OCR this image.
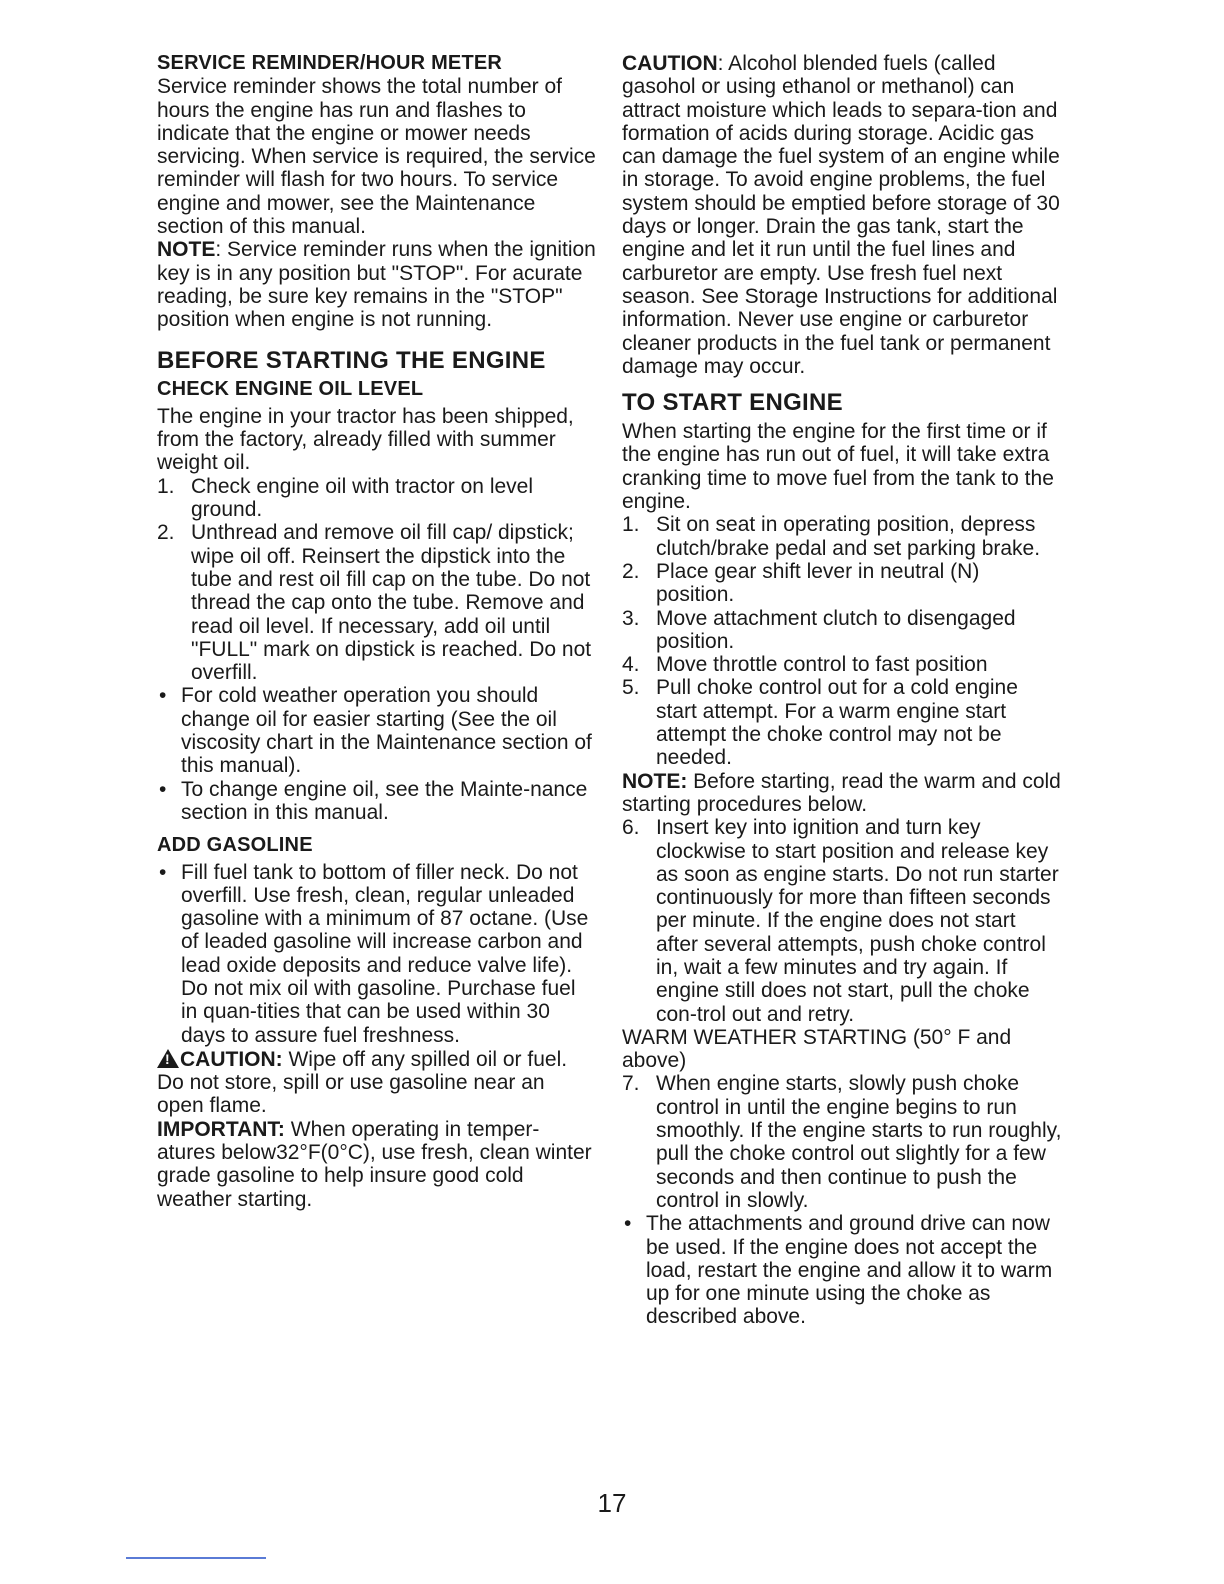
SERVICE REMINDER/HOUR METER

Service reminder shows the total number of hours the engine has run and flashes to indicate that the engine or mower needs servicing. When service is required, the service reminder will flash for two hours. To service engine and mower, see the Maintenance section of this manual.

NOTE: Service reminder runs when the ignition key is in any position but "STOP". For acurate reading, be sure key remains in the "STOP" position when engine is not running.

BEFORE STARTING THE ENGINE

CHECK ENGINE OIL LEVEL

The engine in your tractor has been shipped, from the factory, already filled with summer weight oil.

1. Check engine oil with tractor on level ground.
2. Unthread and remove oil fill cap/ dipstick; wipe oil off. Reinsert the dipstick into the tube and rest oil fill cap on the tube. Do not thread the cap onto the tube. Remove and read oil level. If necessary, add oil until "FULL" mark on dipstick is reached. Do not overfill.
• For cold weather operation you should change oil for easier starting (See the oil viscosity chart in the Maintenance section of this manual).
• To change engine oil, see the Mainte-nance section in this manual.

ADD GASOLINE

• Fill fuel tank to bottom of filler neck. Do not overfill. Use fresh, clean, regular unleaded gasoline with a minimum of 87 octane. (Use of leaded gasoline will increase carbon and lead oxide deposits and reduce valve life). Do not mix oil with gasoline. Purchase fuel in quan-tities that can be used within 30 days to assure fuel freshness.

!CAUTION: Wipe off any spilled oil or fuel. Do not store, spill or use gasoline near an open flame.

IMPORTANT: When operating in temper-atures below32°F(0°C), use fresh, clean winter grade gasoline to help insure good cold weather starting.

CAUTION: Alcohol blended fuels (called gasohol or using ethanol or methanol) can attract moisture which leads to separa-tion and formation of acids during storage. Acidic gas can damage the fuel system of an engine while in storage. To avoid engine problems, the fuel system should be emptied before storage of 30 days or longer. Drain the gas tank, start the engine and let it run until the fuel lines and carburetor are empty. Use fresh fuel next season. See Storage Instructions for additional information. Never use engine or carburetor cleaner products in the fuel tank or permanent damage may occur.

TO START ENGINE

When starting the engine for the first time or if the engine has run out of fuel, it will take extra cranking time to move fuel from the tank to the engine.

1. Sit on seat in operating position, depress clutch/brake pedal and set parking brake.
2. Place gear shift lever in neutral (N) position.
3. Move attachment clutch to disengaged position.
4. Move throttle control to fast position
5. Pull choke control out for a cold engine start attempt. For a warm engine start attempt the choke control may not be needed.

NOTE: Before starting, read the warm and cold starting procedures below.

6. Insert key into ignition and turn key clockwise to start position and release key as soon as engine starts. Do not run starter continuously for more than fifteen seconds per minute. If the engine does not start after several attempts, push choke control in, wait a few minutes and try again. If engine still does not start, pull the choke con-trol out and retry.

WARM WEATHER STARTING (50° F and above)

7. When engine starts, slowly push choke control in until the engine begins to run smoothly. If the engine starts to run roughly, pull the choke control out slightly for a few seconds and then continue to push the control in slowly.
• The attachments and ground drive can now be used. If the engine does not accept the load, restart the engine and allow it to warm up for one minute using the choke as described above.
17
